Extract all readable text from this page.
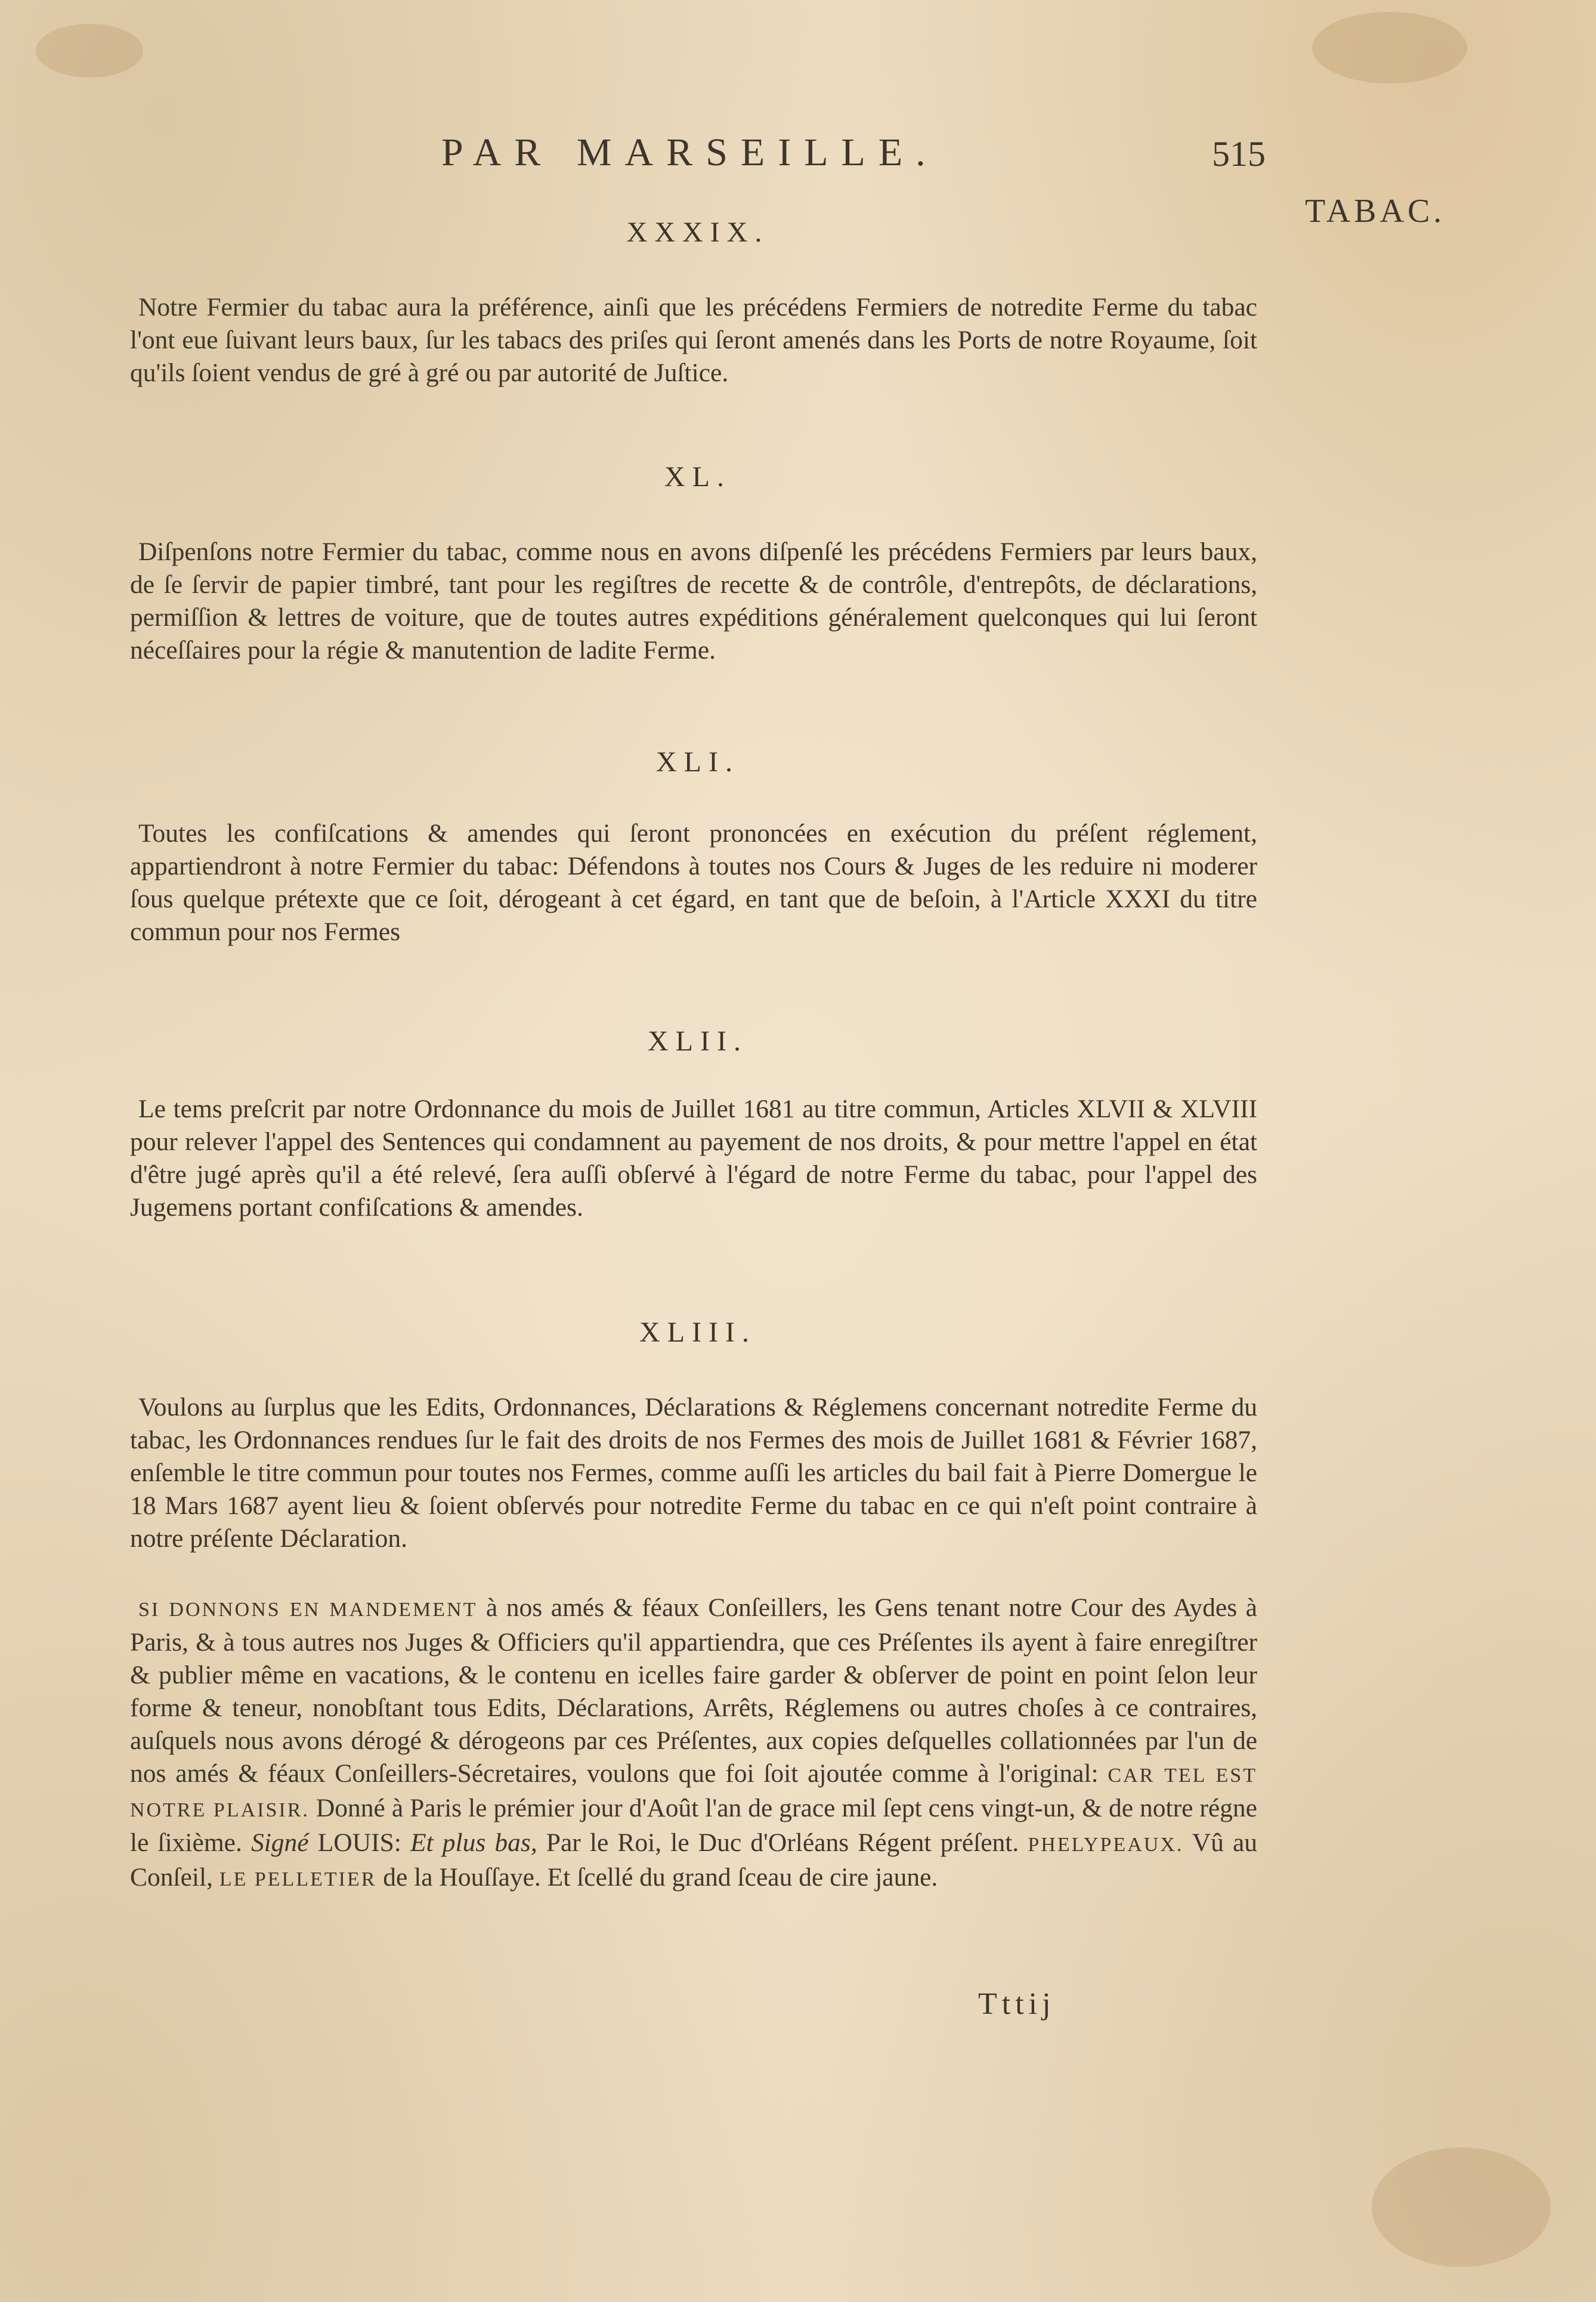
PAR MARSEILLE.	515
TABAC.
XXXIX.
Notre Fermier du tabac aura la préférence, ainſi que les précédens Fermiers de notredite Ferme du tabac l'ont eue ſuivant leurs baux, ſur les tabacs des priſes qui ſeront amenés dans les Ports de notre Royaume, ſoit qu'ils ſoient vendus de gré à gré ou par autorité de Juſtice.
XL.
Diſpenſons notre Fermier du tabac, comme nous en avons diſpenſé les précédens Fermiers par leurs baux, de ſe ſervir de papier timbré, tant pour les regiſtres de recette & de contrôle, d'entrepôts, de déclarations, permiſſion & lettres de voiture, que de toutes autres expéditions généralement quelconques qui lui ſeront néceſſaires pour la régie & manutention de ladite Ferme.
XLI.
Toutes les confiſcations & amendes qui ſeront prononcées en exécution du préſent réglement, appartiendront à notre Fermier du tabac: Défendons à toutes nos Cours & Juges de les reduire ni moderer ſous quelque prétexte que ce ſoit, dérogeant à cet égard, en tant que de beſoin, à l'Article XXXI du titre commun pour nos Fermes
XLII.
Le tems preſcrit par notre Ordonnance du mois de Juillet 1681 au titre commun, Articles XLVII & XLVIII pour relever l'appel des Sentences qui condamnent au payement de nos droits, & pour mettre l'appel en état d'être jugé après qu'il a été relevé, ſera auſſi obſervé à l'égard de notre Ferme du tabac, pour l'appel des Jugemens portant confiſcations & amendes.
XLIII.
Voulons au ſurplus que les Edits, Ordonnances, Déclarations & Réglemens concernant notredite Ferme du tabac, les Ordonnances rendues ſur le fait des droits de nos Fermes des mois de Juillet 1681 & Février 1687, enſemble le titre commun pour toutes nos Fermes, comme auſſi les articles du bail fait à Pierre Domergue le 18 Mars 1687 ayent lieu & ſoient obſervés pour notredite Ferme du tabac en ce qui n'eſt point contraire à notre préſente Déclaration.
SI DONNONS EN MANDEMENT à nos amés & féaux Conſeillers, les Gens tenant notre Cour des Aydes à Paris, & à tous autres nos Juges & Officiers qu'il appartiendra, que ces Préſentes ils ayent à faire enregiſtrer & publier même en vacations, & le contenu en icelles faire garder & obſerver de point en point ſelon leur forme & teneur, nonobſtant tous Edits, Déclarations, Arrêts, Réglemens ou autres choſes à ce contraires, auſquels nous avons dérogé & dérogeons par ces Préſentes, aux copies deſquelles collationnées par l'un de nos amés & féaux Conſeillers-Sécretaires, voulons que foi ſoit ajoutée comme à l'original: CAR TEL EST NOTRE PLAISIR. Donné à Paris le prémier jour d'Août l'an de grace mil ſept cens vingt-un, & de notre régne le ſixième. Signé LOUIS: Et plus bas, Par le Roi, le Duc d'Orléans Régent préſent. PHELYPEAUX. Vû au Conſeil, LE PELLETIER de la Houſſaye. Et ſcellé du grand ſceau de cire jaune.
Tttij
